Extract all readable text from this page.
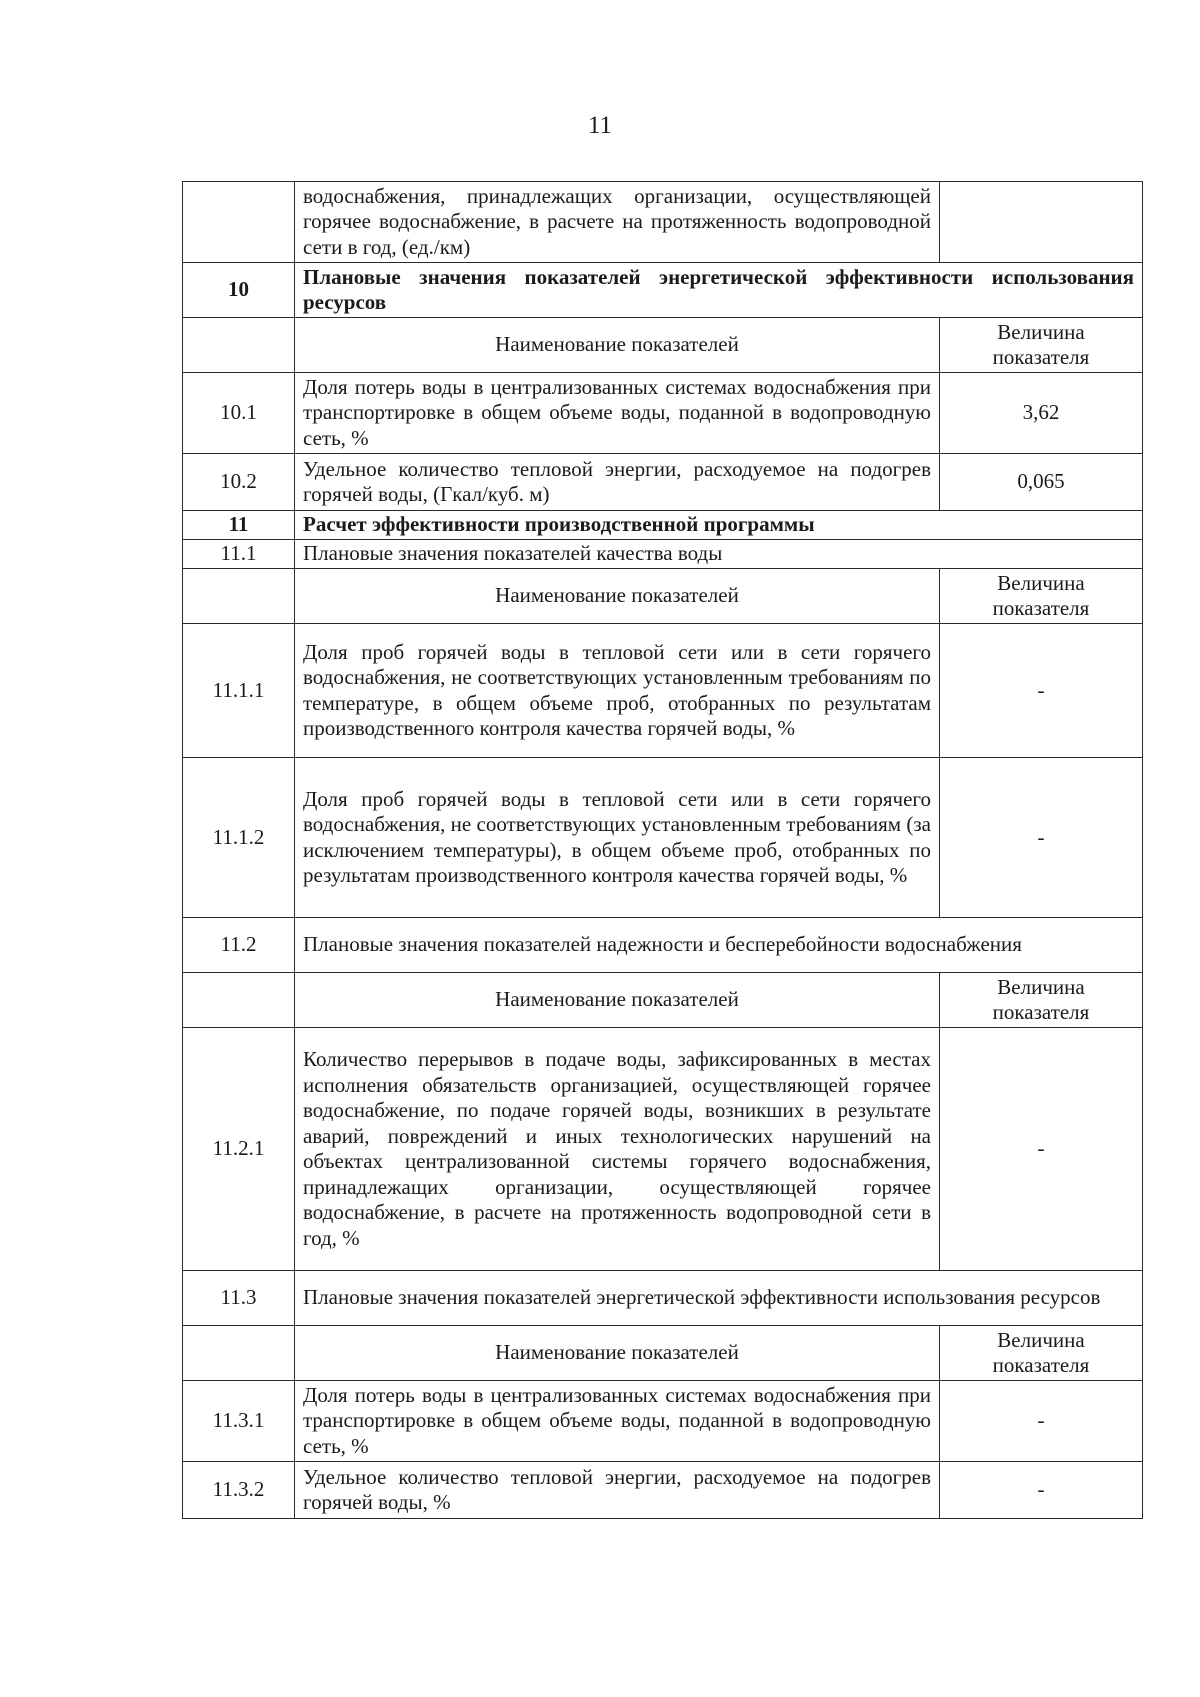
11
	водоснабжения, принадлежащих организации, осуществляющей горячее водоснабжение, в расчете на протяженность водопроводной сети в год, (ед./км)	
10	Плановые значения показателей энергетической эффективности использования ресурсов	
	Наименование показателей	Величина
показателя

10.1	Доля потерь воды в централизованных системах водоснабжения при транспортировке в общем объеме воды, поданной в водопроводную сеть, %	3,62
10.2	Удельное количество тепловой энергии, расходуемое на подогрев горячей воды, (Гкал/куб. м)	0,065
11	Расчет эффективности производственной программы	
11.1	Плановые значения показателей качества воды	
	Наименование показателей	Величина
показателя

11.1.1	Доля проб горячей воды в тепловой сети или в сети горячего водоснабжения, не соответствующих установленным требованиям по температуре, в общем объеме проб, отобранных по результатам производственного контроля качества горячей воды, %	-
11.1.2	Доля проб горячей воды в тепловой сети или в сети горячего водоснабжения, не соответствующих установленным требованиям (за исключением температуры), в общем объеме проб, отобранных по результатам производственного контроля качества горячей воды, %	-
11.2	Плановые значения показателей надежности и бесперебойности водоснабжения	
	Наименование показателей	Величина
показателя

11.2.1	Количество перерывов в подаче воды, зафиксированных в местах исполнения обязательств организацией, осуществляющей горячее водоснабжение, по подаче горячей воды, возникших в результате аварий, повреждений и иных технологических нарушений на объектах централизованной системы горячего водоснабжения, принадлежащих организации, осуществляющей горячее водоснабжение, в расчете на протяженность водопроводной сети в год, %	-
11.3	Плановые значения показателей энергетической эффективности использования ресурсов	
	Наименование показателей	Величина
показателя

11.3.1	Доля потерь воды в централизованных системах водоснабжения при транспортировке в общем объеме воды, поданной в водопроводную сеть, %	-
11.3.2	Удельное количество тепловой энергии, расходуемое на подогрев горячей воды, %	-
